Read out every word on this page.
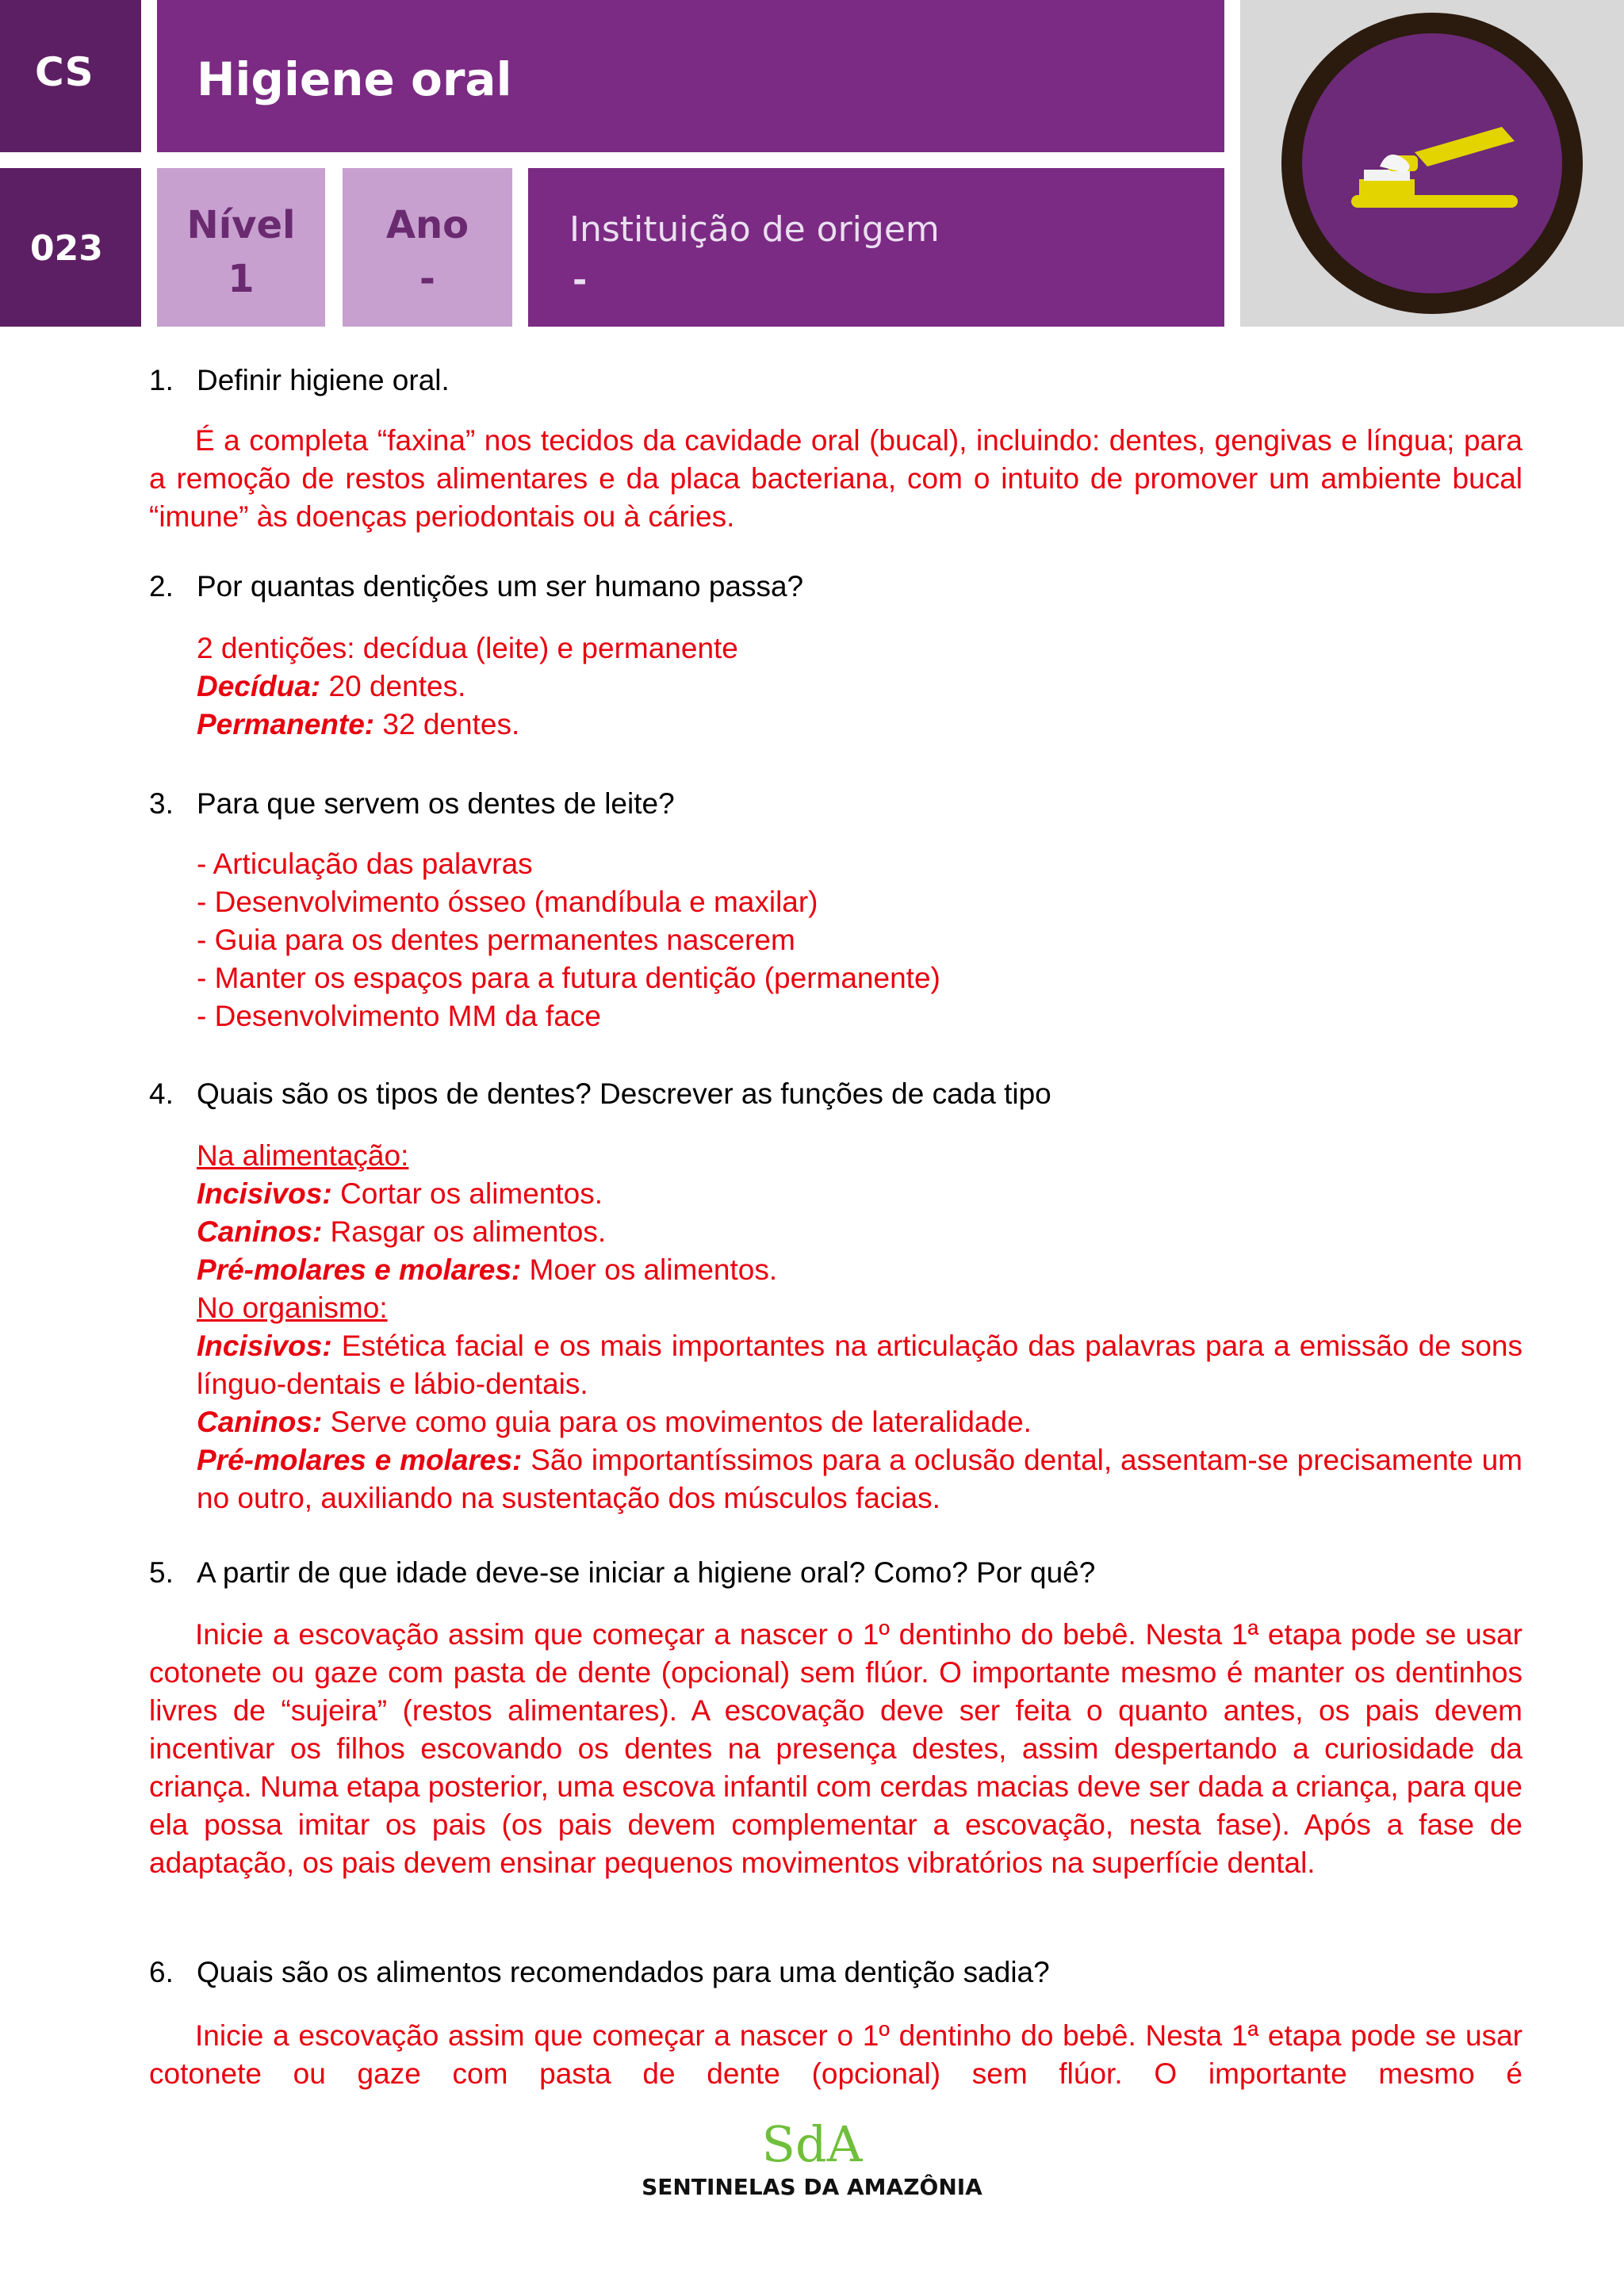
CS Higiene oral
023
Nível
1
Ano
-
Instituição de origem
-
1. Definir higiene oral.
É a completa “faxina” nos tecidos da cavidade oral (bucal), incluindo: dentes, gengivas e língua; para a remoção de restos alimentares e da placa bacteriana, com o intuito de promover um ambiente bucal “imune” às doenças periodontais ou à cáries.
2. Por quantas dentições um ser humano passa?

2 dentições: decídua (leite) e permanente

Decídua: 20 dentes.

Permanente: 32 dentes.

3. Para que servem os dentes de leite?

- Articulação das palavras

- Desenvolvimento ósseo (mandíbula e maxilar)

- Guia para os dentes permanentes nascerem

- Manter os espaços para a futura dentição (permanente)

- Desenvolvimento MM da face

4. Quais são os tipos de dentes? Descrever as funções de cada tipo

Na alimentação:

Incisivos: Cortar os alimentos.

Caninos: Rasgar os alimentos.

Pré-molares e molares: Moer os alimentos.

No organismo:

Incisivos: Estética facial e os mais importantes na articulação das palavras para a emissão de sons línguo-dentais e lábio-dentais.

Caninos: Serve como guia para os movimentos de lateralidade.

Pré-molares e molares: São importantíssimos para a oclusão dental, assentam-se precisamente um no outro, auxiliando na sustentação dos músculos facias.

5. A partir de que idade deve-se iniciar a higiene oral? Como? Por quê?
Inicie a escovação assim que começar a nascer o 1º dentinho do bebê. Nesta 1ª etapa pode se usar cotonete ou gaze com pasta de dente (opcional) sem flúor. O importante mesmo é manter os dentinhos livres de “sujeira” (restos alimentares). A escovação deve ser feita o quanto antes, os pais devem incentivar os filhos escovando os dentes na presença destes, assim despertando a curiosidade da criança. Numa etapa posterior, uma escova infantil com cerdas macias deve ser dada a criança, para que ela possa imitar os pais (os pais devem complementar a escovação, nesta fase). Após a fase de adaptação, os pais devem ensinar pequenos movimentos vibratórios na superfície dental.
6. Quais são os alimentos recomendados para uma dentição sadia?
Inicie a escovação assim que começar a nascer o 1º dentinho do bebê. Nesta 1ª etapa pode se usar cotonete ou gaze com pasta de dente (opcional) sem flúor. O importante mesmo é
SdA
SENTINELAS DA AMAZÔNIA
